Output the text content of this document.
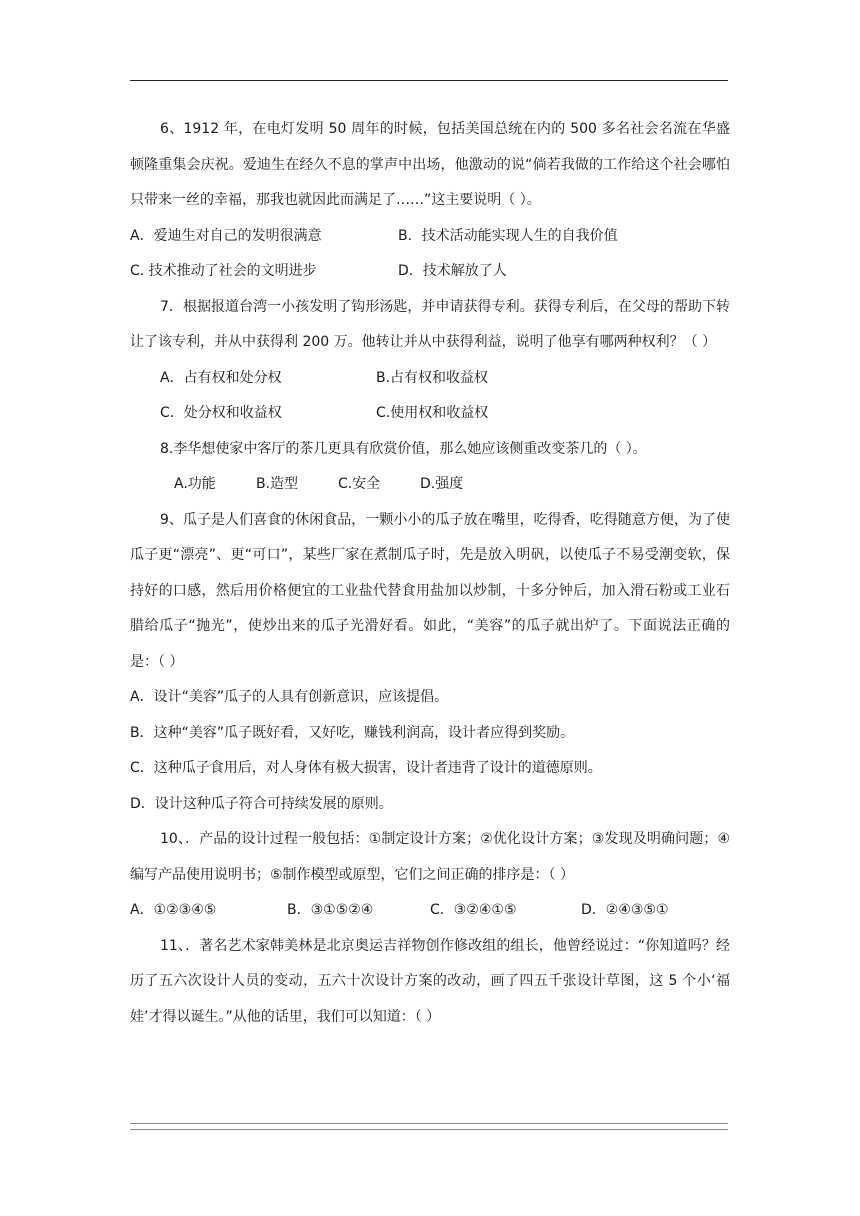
6、1912 年，在电灯发明 50 周年的时候，包括美国总统在内的 500 多名社会名流在华盛顿隆重集会庆祝。爱迪生在经久不息的掌声中出场，他激动的说“倘若我做的工作给这个社会哪怕只带来一丝的幸福，那我也就因此而满足了……”这主要说明（ ）。

A．爱迪生对自己的发明很满意	B．技术活动能实现人生的自我价值

C. 技术推动了社会的文明进步	D．技术解放了人

7．根据报道台湾一小孩发明了钩形汤匙，并申请获得专利。获得专利后，在父母的帮助下转让了该专利，并从中获得利 200 万。他转让并从中获得利益，说明了他享有哪两种权利？（ ）

A．占有权和处分权	B.占有权和收益权

C．处分权和收益权	C.使用权和收益权

8.李华想使家中客厅的茶几更具有欣赏价值，那么她应该侧重改变茶几的（ ）。

A.功能	B.造型	C.安全	D.强度

9、瓜子是人们喜食的休闲食品，一颗小小的瓜子放在嘴里，吃得香，吃得随意方便，为了使瓜子更“漂亮”、更“可口”，某些厂家在煮制瓜子时，先是放入明矾，以使瓜子不易受潮变软，保持好的口感，然后用价格便宜的工业盐代替食用盐加以炒制，十多分钟后，加入滑石粉或工业石腊给瓜子“抛光”，使炒出来的瓜子光滑好看。如此，“美容”的瓜子就出炉了。下面说法正确的是：（ ）

A．设计“美容”瓜子的人具有创新意识，应该提倡。

B．这种“美容”瓜子既好看，又好吃，赚钱利润高，设计者应得到奖励。

C．这种瓜子食用后，对人身体有极大损害，设计者违背了设计的道德原则。

D．设计这种瓜子符合可持续发展的原则。

10、．产品的设计过程一般包括：①制定设计方案；②优化设计方案；③发现及明确问题；④编写产品使用说明书；⑤制作模型或原型，它们之间正确的排序是：（ ）

A．①②③④⑤	B．③①⑤②④	C．③②④①⑤	D．②④③⑤①

11、．著名艺术家韩美林是北京奥运吉祥物创作修改组的组长，他曾经说过：“你知道吗？经历了五六次设计人员的变动，五六十次设计方案的改动，画了四五千张设计草图，这 5 个小‘福娃’才得以诞生。”从他的话里，我们可以知道：（ ）
